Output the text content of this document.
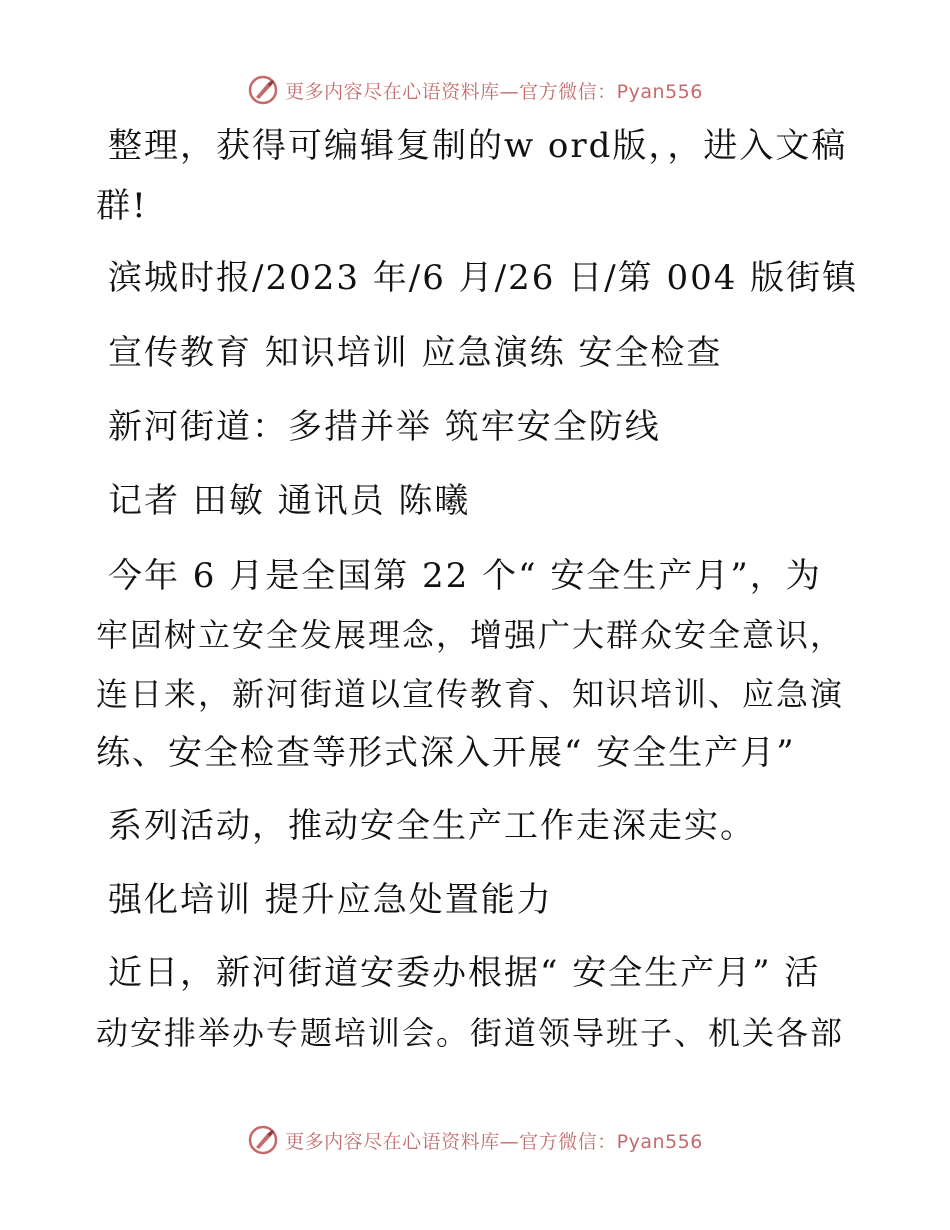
更多内容尽在心语资料库—官方微信：Pyan556
整理，获得可编辑复制的w ord版，，进入文稿
群!
滨城时报/2023 年/6 月/26 日/第 004 版街镇
宣传教育 知识培训 应急演练 安全检查
新河街道：多措并举 筑牢安全防线
记者 田敏 通讯员 陈曦
今年 6 月是全国第 22 个“ 安全生产月”，为
牢固树立安全发展理念，增强广大群众安全意识，
连日来，新河街道以宣传教育、知识培训、应急演
练、安全检查等形式深入开展“ 安全生产月”
系列活动，推动安全生产工作走深走实。
强化培训 提升应急处置能力
近日，新河街道安委办根据“ 安全生产月” 活
动安排举办专题培训会。街道领导班子、机关各部
更多内容尽在心语资料库—官方微信：Pyan556
